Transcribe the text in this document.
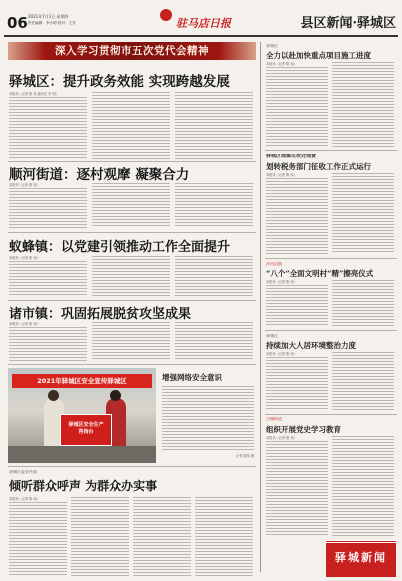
06 2021年7月1日 星期四
责任编辑：李小明 校对：王芳	驻马店日报	县区新闻·驿城区
深入学习贯彻市五次党代会精神
驿城区：提升政务效能 实现跨越发展
本报讯（记者 陈 伟 通讯员 李 明）
顺河街道：逐村观摩 凝聚合力
本报讯（记者 陈 伟）
蚁蜂镇：以党建引领推动工作全面提升
本报讯（记者 陈 伟）
诸市镇：巩固拓展脱贫攻坚成果
本报讯（记者 陈 伟）
2021年驿城区安全宣传驿城区
驿城区安全生产
咨询台
增强网络安全意识
记者 陈伟 摄
驿城区委宣传部
倾听群众呼声 为群众办实事
本报讯（记者 陈 伟）
驿城区
全力以赴加快重点项目施工进度
本报讯（记者 陈 伟）
驿城区城镇垃圾处理费
划转税务部门征收工作正式运行
本报讯（记者 陈 伟）
沙河店镇
“八个”全面文明村“精”擦亮仪式
本报讯（记者 陈 伟）
驿城区
持续加大人居环境整治力度
本报讯（记者 陈 伟）
古城街道
组织开展党史学习教育
本报讯（记者 陈 伟）
驿城新闻
